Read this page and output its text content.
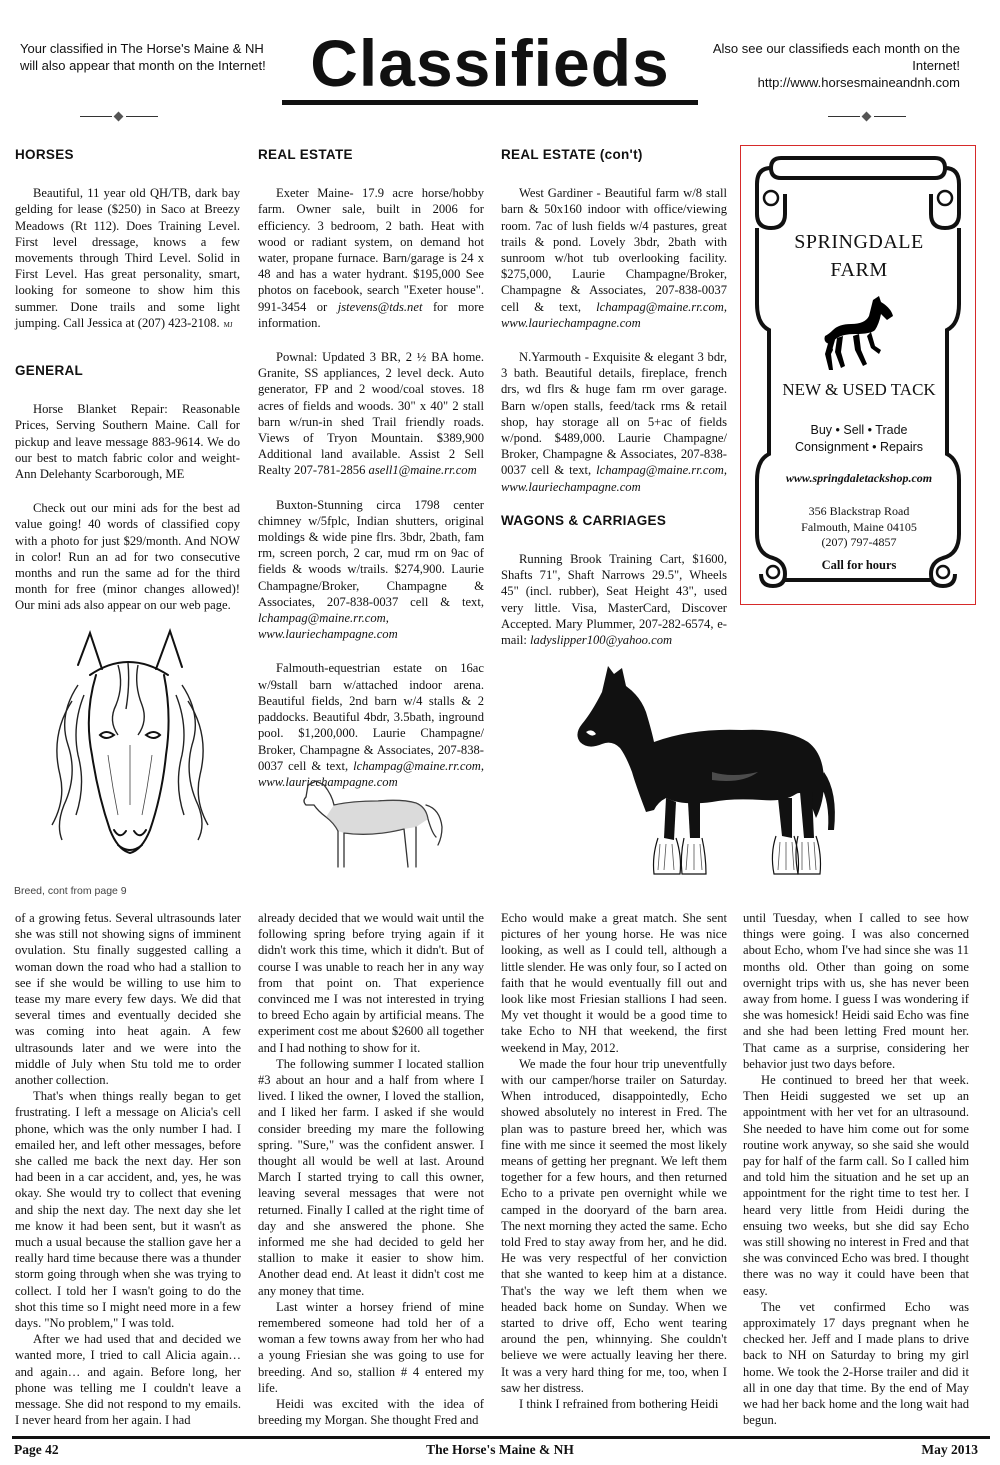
Your classified in The Horse's Maine & NH will also appear that month on the Internet! Classifieds	Also see our classifieds each month on the Internet! http://www.horsesmaineandnh.com
HORSES
Beautiful, 11 year old QH/TB, dark bay gelding for lease ($250) in Saco at Breezy Meadows (Rt 112). Does Training Level. First level dressage, knows a few movements through Third Level. Solid in First Level. Has great personality, smart, looking for someone to show him this summer. Done trails and some light jumping. Call Jessica at (207) 423-2108. MJ
GENERAL
Horse Blanket Repair: Reasonable Prices, Serving Southern Maine. Call for pickup and leave message 883-9614. We do our best to match fabric color and weight-Ann Delehanty Scarborough, ME
Check out our mini ads for the best ad value going! 40 words of classified copy with a photo for just $29/month. And NOW in color! Run an ad for two consecutive months and run the same ad for the third month for free (minor changes allowed)! Our mini ads also appear on our web page.
REAL ESTATE
Exeter Maine- 17.9 acre horse/hobby farm. Owner sale, built in 2006 for efficiency. 3 bedroom, 2 bath. Heat with wood or radiant system, on demand hot water, propane furnace. Barn/garage is 24 x 48 and has a water hydrant. $195,000 See photos on facebook, search "Exeter house". 991-3454 or jstevens@tds.net for more information.
Pownal: Updated 3 BR, 2 ½ BA home. Granite, SS appliances, 2 level deck. Auto generator, FP and 2 wood/coal stoves. 18 acres of fields and woods. 30" x 40" 2 stall barn w/run-in shed Trail friendly roads. Views of Tryon Mountain. $389,900 Additional land available. Assist 2 Sell Realty 207-781-2856 asell1@maine.rr.com
Buxton-Stunning circa 1798 center chimney w/5fplc, Indian shutters, original moldings & wide pine flrs. 3bdr, 2bath, fam rm, screen porch, 2 car, mud rm on 9ac of fields & woods w/trails. $274,900. Laurie Champagne/Broker, Champagne & Associates, 207-838-0037 cell & text, lchampag@maine.rr.com, www.lauriechampagne.com
Falmouth-equestrian estate on 16ac w/9stall barn w/attached indoor arena. Beautiful fields, 2nd barn w/4 stalls & 2 paddocks. Beautiful 4bdr, 3.5bath, inground pool. $1,200,000. Laurie Champagne/ Broker, Champagne & Associates, 207-838-0037 cell & text, lchampag@maine.rr.com, www.lauriechampagne.com
REAL ESTATE (con't)
West Gardiner - Beautiful farm w/8 stall barn & 50x160 indoor with office/viewing room. 7ac of lush fields w/4 pastures, great trails & pond. Lovely 3bdr, 2bath with sunroom w/hot tub overlooking facility. $275,000, Laurie Champagne/Broker, Champagne & Associates, 207-838-0037 cell & text, lchampag@maine.rr.com, www.lauriechampagne.com
N.Yarmouth - Exquisite & elegant 3 bdr, 3 bath. Beautiful details, fireplace, french drs, wd flrs & huge fam rm over garage. Barn w/open stalls, feed/tack rms & retail shop, hay storage all on 5+ac of fields w/pond. $489,000. Laurie Champagne/ Broker, Champagne & Associates, 207-838-0037 cell & text, lchampag@maine.rr.com, www.lauriechampagne.com
WAGONS & CARRIAGES
Running Brook Training Cart, $1600, Shafts 71", Shaft Narrows 29.5", Wheels 45" (incl. rubber), Seat Height 43", used very little. Visa, MasterCard, Discover Accepted. Mary Plummer, 207-282-6574, e-mail: ladyslipper100@yahoo.com
SPRINGDALE
FARM
NEW & USED TACK
Buy • Sell • Trade
Consignment • Repairs
www.springdaletackshop.com
356 Blackstrap Road
Falmouth, Maine 04105
(207) 797-4857
Call for hours
Breed, cont from page 9

of a growing fetus. Several ultrasounds later she was still not showing signs of imminent ovulation. Stu finally suggested calling a woman down the road who had a stallion to see if she would be willing to use him to tease my mare every few days. We did that several times and eventually decided she was coming into heat again. A few ultrasounds later and we were into the middle of July when Stu told me to order another collection.

That's when things really began to get frustrating. I left a message on Alicia's cell phone, which was the only number I had. I emailed her, and left other messages, before she called me back the next day. Her son had been in a car accident, and, yes, he was okay. She would try to collect that evening and ship the next day. The next day she let me know it had been sent, but it wasn't as much a usual because the stallion gave her a really hard time because there was a thunder storm going through when she was trying to collect. I told her I wasn't going to do the shot this time so I might need more in a few days. "No problem," I was told.

After we had used that and decided we wanted more, I tried to call Alicia again… and again… and again. Before long, her phone was telling me I couldn't leave a message. She did not respond to my emails. I never heard from her again. I had

already decided that we would wait until the following spring before trying again if it didn't work this time, which it didn't. But of course I was unable to reach her in any way from that point on. That experience convinced me I was not interested in trying to breed Echo again by artificial means. The experiment cost me about $2600 all together and I had nothing to show for it.

The following summer I located stallion #3 about an hour and a half from where I lived. I liked the owner, I loved the stallion, and I liked her farm. I asked if she would consider breeding my mare the following spring. "Sure," was the confident answer. I thought all would be well at last. Around March I started trying to call this owner, leaving several messages that were not returned. Finally I called at the right time of day and she answered the phone. She informed me she had decided to geld her stallion to make it easier to show him. Another dead end. At least it didn't cost me any money that time.

Last winter a horsey friend of mine remembered someone had told her of a woman a few towns away from her who had a young Friesian she was going to use for breeding. And so, stallion # 4 entered my life.

Heidi was excited with the idea of breeding my Morgan. She thought Fred and

Echo would make a great match. She sent pictures of her young horse. He was nice looking, as well as I could tell, although a little slender. He was only four, so I acted on faith that he would eventually fill out and look like most Friesian stallions I had seen. My vet thought it would be a good time to take Echo to NH that weekend, the first weekend in May, 2012.

We made the four hour trip uneventfully with our camper/horse trailer on Saturday. When introduced, disappointedly, Echo showed absolutely no interest in Fred. The plan was to pasture breed her, which was fine with me since it seemed the most likely means of getting her pregnant. We left them together for a few hours, and then returned Echo to a private pen overnight while we camped in the dooryard of the barn area. The next morning they acted the same. Echo told Fred to stay away from her, and he did. He was very respectful of her conviction that she wanted to keep him at a distance. That's the way we left them when we headed back home on Sunday. When we started to drive off, Echo went tearing around the pen, whinnying. She couldn't believe we were actually leaving her there. It was a very hard thing for me, too, when I saw her distress.

I think I refrained from bothering Heidi

until Tuesday, when I called to see how things were going. I was also concerned about Echo, whom I've had since she was 11 months old. Other than going on some overnight trips with us, she has never been away from home. I guess I was wondering if she was homesick! Heidi said Echo was fine and she had been letting Fred mount her. That came as a surprise, considering her behavior just two days before.

He continued to breed her that week. Then Heidi suggested we set up an appointment with her vet for an ultrasound. She needed to have him come out for some routine work anyway, so she said she would pay for half of the farm call. So I called him and told him the situation and he set up an appointment for the right time to test her. I heard very little from Heidi during the ensuing two weeks, but she did say Echo was still showing no interest in Fred and that she was convinced Echo was bred. I thought there was no way it could have been that easy.

The vet confirmed Echo was approximately 17 days pregnant when he checked her. Jeff and I made plans to drive back to NH on Saturday to bring my girl home. We took the 2-Horse trailer and did it all in one day that time. By the end of May we had her back home and the long wait had begun.

Page 42	The Horse's Maine & NH	May 2013
